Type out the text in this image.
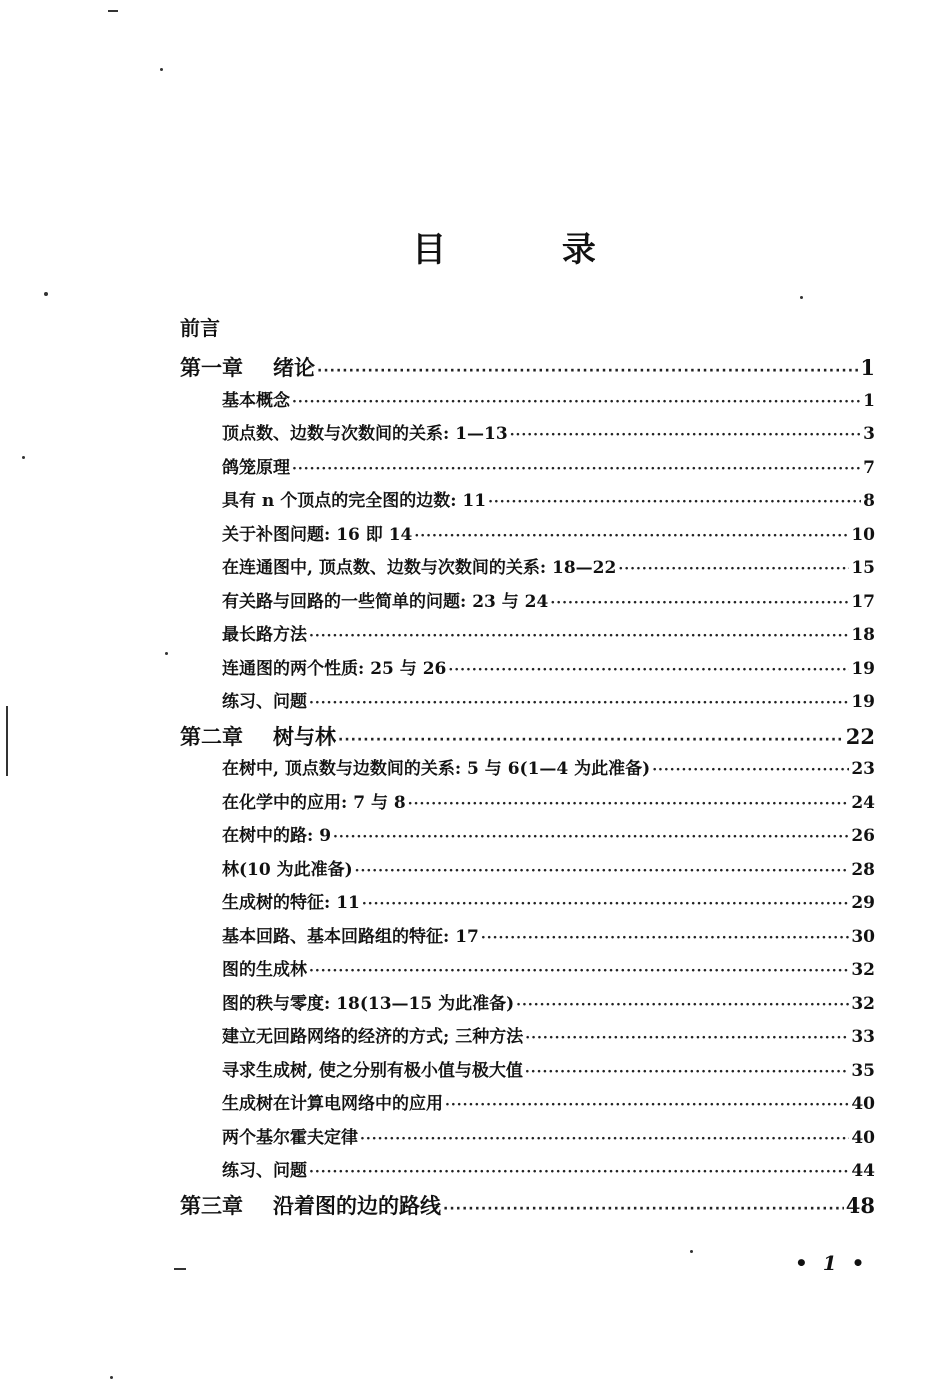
目 录
前言
第一章 绪论 ·····	1
基本概念 ·····	1
顶点数、边数与次数间的关系: 1—13 ·····	3
鸽笼原理 ·····	7
具有 n 个顶点的完全图的边数: 11 ·····	8
关于补图问题: 16 即 14 ·····	10
在连通图中, 顶点数、边数与次数间的关系: 18—22 ·····	15
有关路与回路的一些简单的问题: 23 与 24 ·····	17
最长路方法 ·····	18
连通图的两个性质: 25 与 26 ·····	19
练习、问题 ·····	19
第二章 树与林 ·····	22
在树中, 顶点数与边数间的关系: 5 与 6(1—4 为此准备) ·····	23
在化学中的应用: 7 与 8 ·····	24
在树中的路: 9 ·····	26
林(10 为此准备) ·····	28
生成树的特征: 11 ·····	29
基本回路、基本回路组的特征: 17 ·····	30
图的生成林 ·····	32
图的秩与零度: 18(13—15 为此准备) ·····	32
建立无回路网络的经济的方式; 三种方法 ·····	33
寻求生成树, 使之分别有极小值与极大值 ·····	35
生成树在计算电网络中的应用 ·····	40
两个基尔霍夫定律 ·····	40
练习、问题 ·····	44
第三章 沿着图的边的路线 ·····	48
• 1 •
